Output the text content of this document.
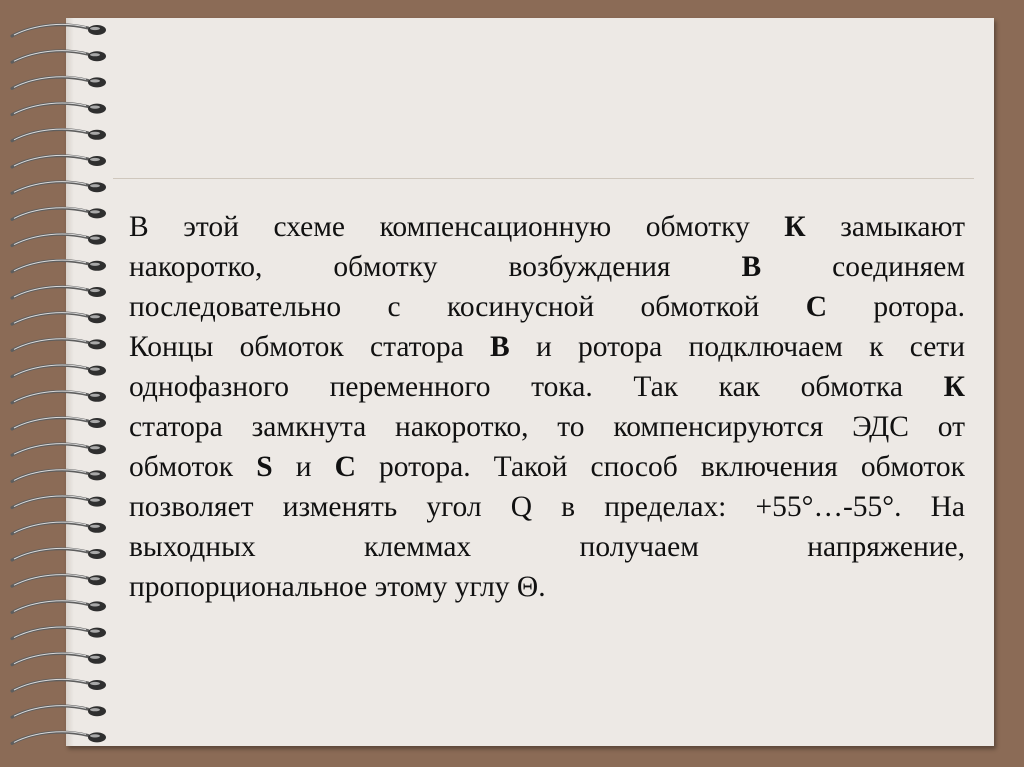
В этой схеме компенсационную обмотку К замыкают
накоротко, обмотку возбуждения В соединяем
последовательно с косинусной обмоткой С ротора.
Концы обмоток статора В и ротора подключаем к сети
однофазного переменного тока. Так как обмотка К
статора замкнута накоротко, то компенсируются ЭДС от
обмоток S и С ротора. Такой способ включения обмоток
позволяет изменять угол Q в пределах: +55°…-55°. На
выходных клеммах получаем напряжение,
пропорциональное этому углу Θ.
